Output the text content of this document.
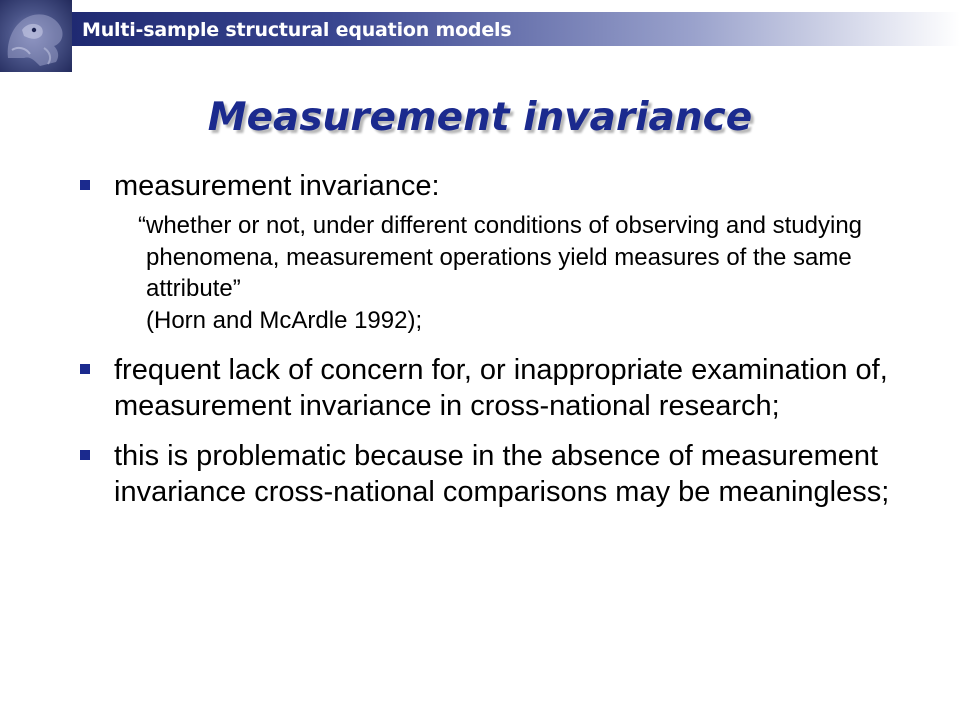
Multi-sample structural equation models
Measurement invariance
measurement invariance:
“whether or not, under different conditions of observing and studying phenomena, measurement operations yield measures of the same attribute”
(Horn and McArdle 1992);
frequent lack of concern for, or inappropriate examination of, measurement invariance in cross-national research;
this is problematic because in the absence of measurement invariance cross-national comparisons may be meaningless;
